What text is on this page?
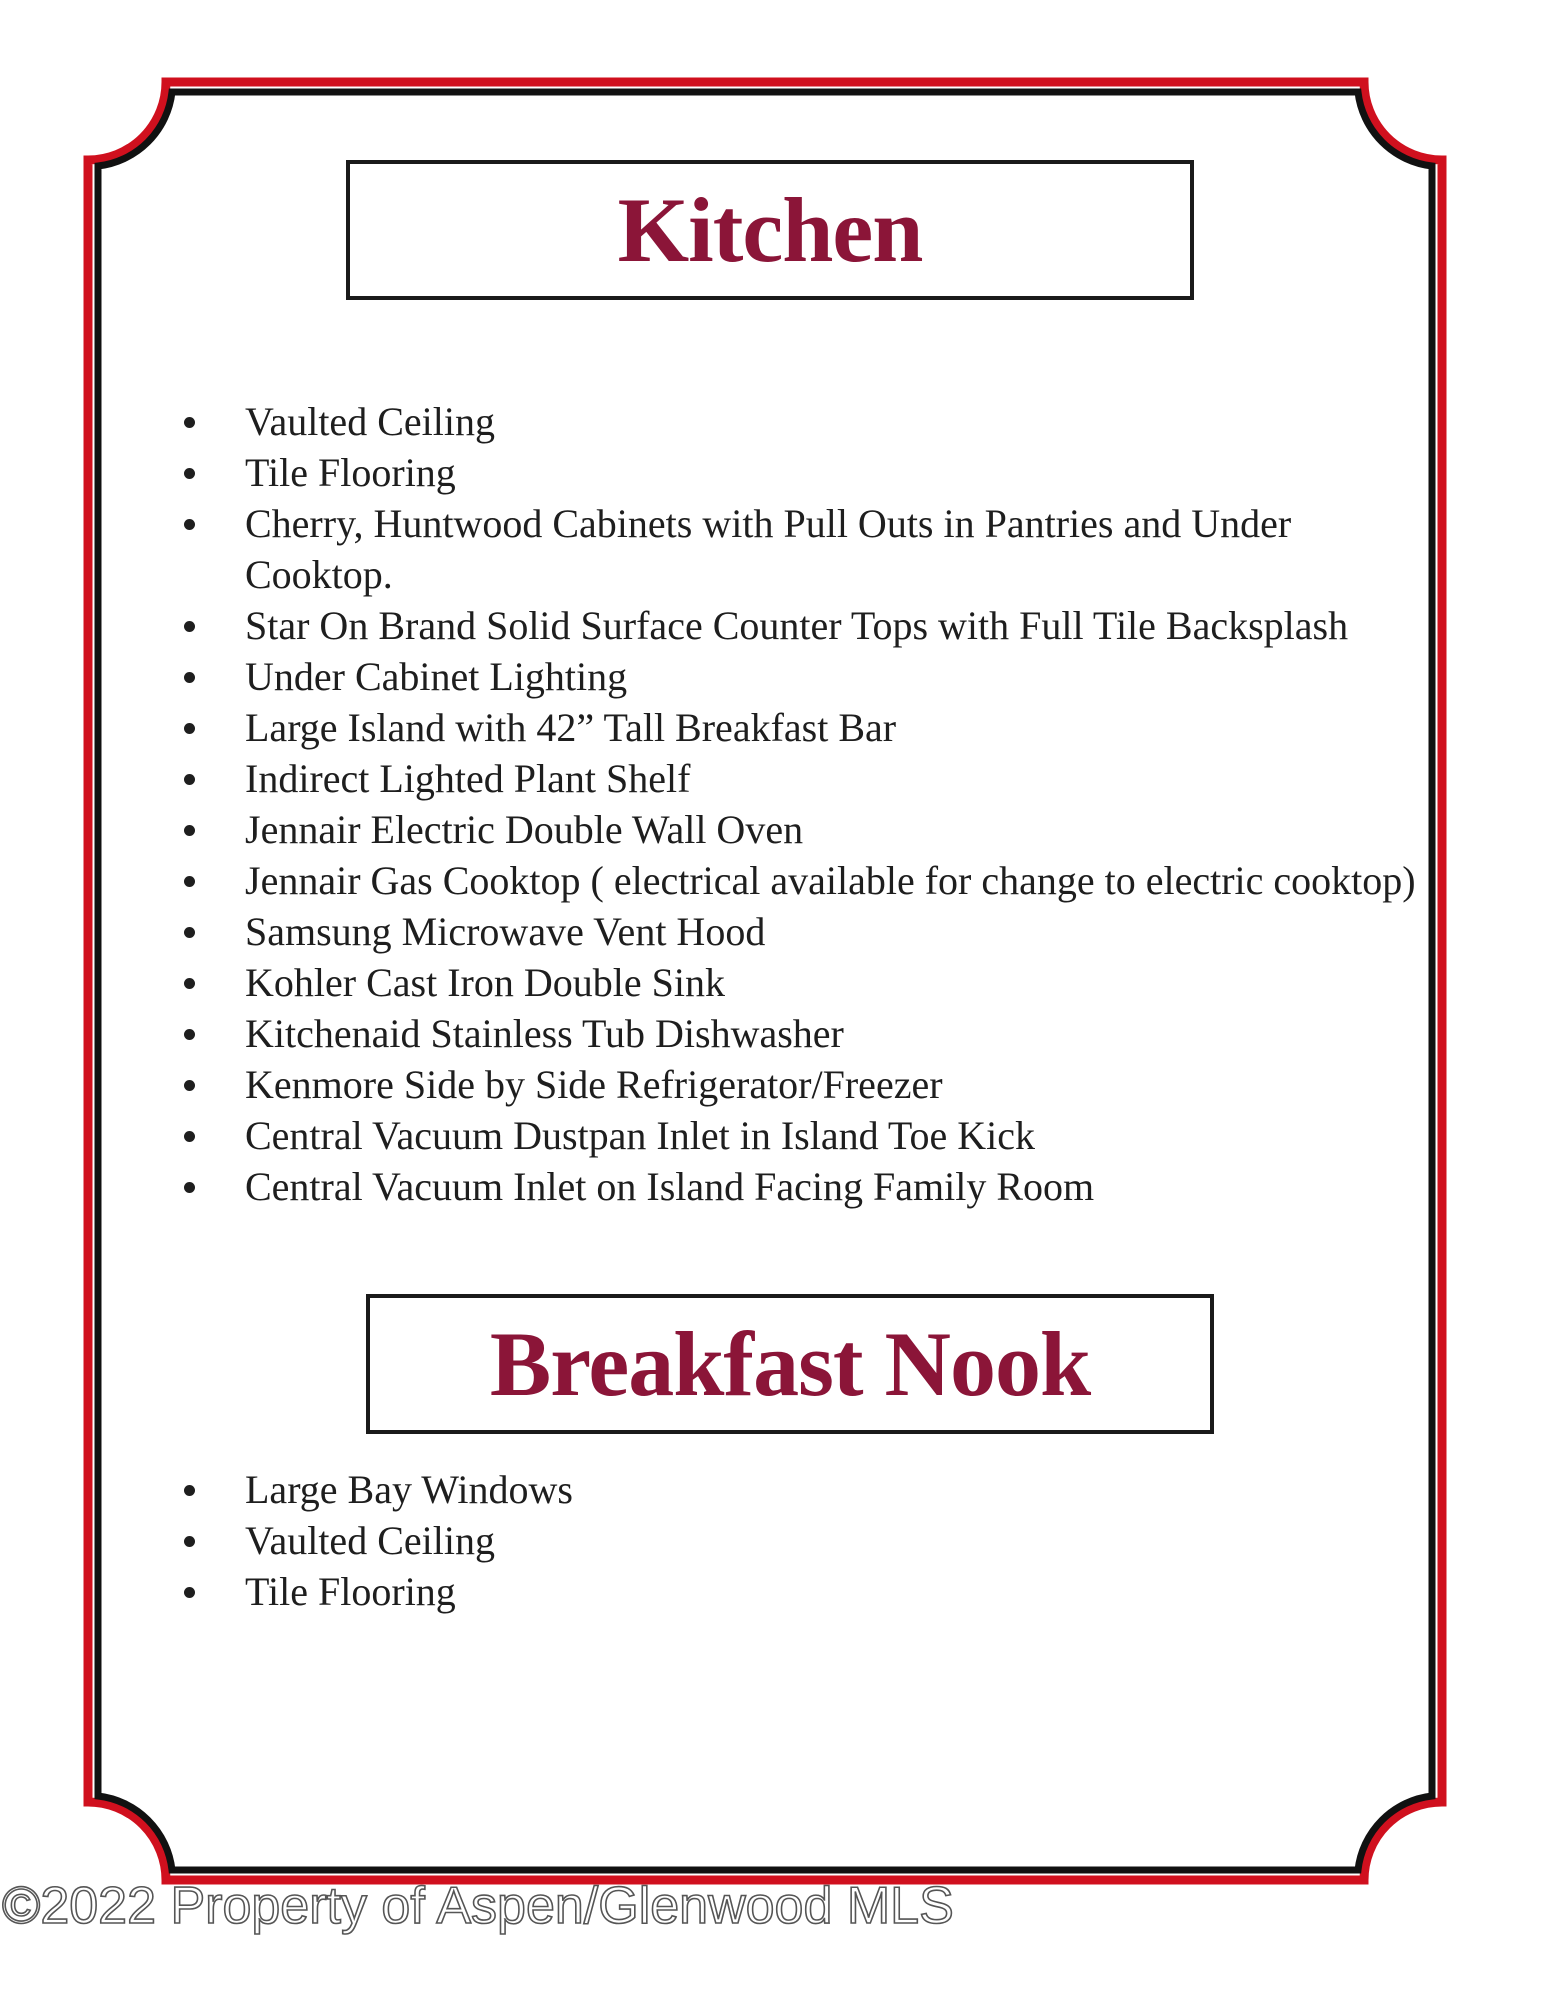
Kitchen
Vaulted Ceiling
Tile Flooring
Cherry, Huntwood Cabinets with Pull Outs in Pantries and Under Cooktop.
Star On Brand Solid Surface Counter Tops with Full Tile Backsplash
Under Cabinet Lighting
Large Island with 42” Tall Breakfast Bar
Indirect Lighted Plant Shelf
Jennair Electric Double Wall Oven
Jennair Gas Cooktop ( electrical available for change to electric cooktop)
Samsung Microwave Vent Hood
Kohler Cast Iron Double Sink
Kitchenaid Stainless Tub Dishwasher
Kenmore Side by Side Refrigerator/Freezer
Central Vacuum Dustpan Inlet in Island Toe Kick
Central Vacuum Inlet on Island Facing Family Room
Breakfast Nook
Large Bay Windows
Vaulted Ceiling
Tile Flooring
©2022 Property of Aspen/Glenwood MLS
